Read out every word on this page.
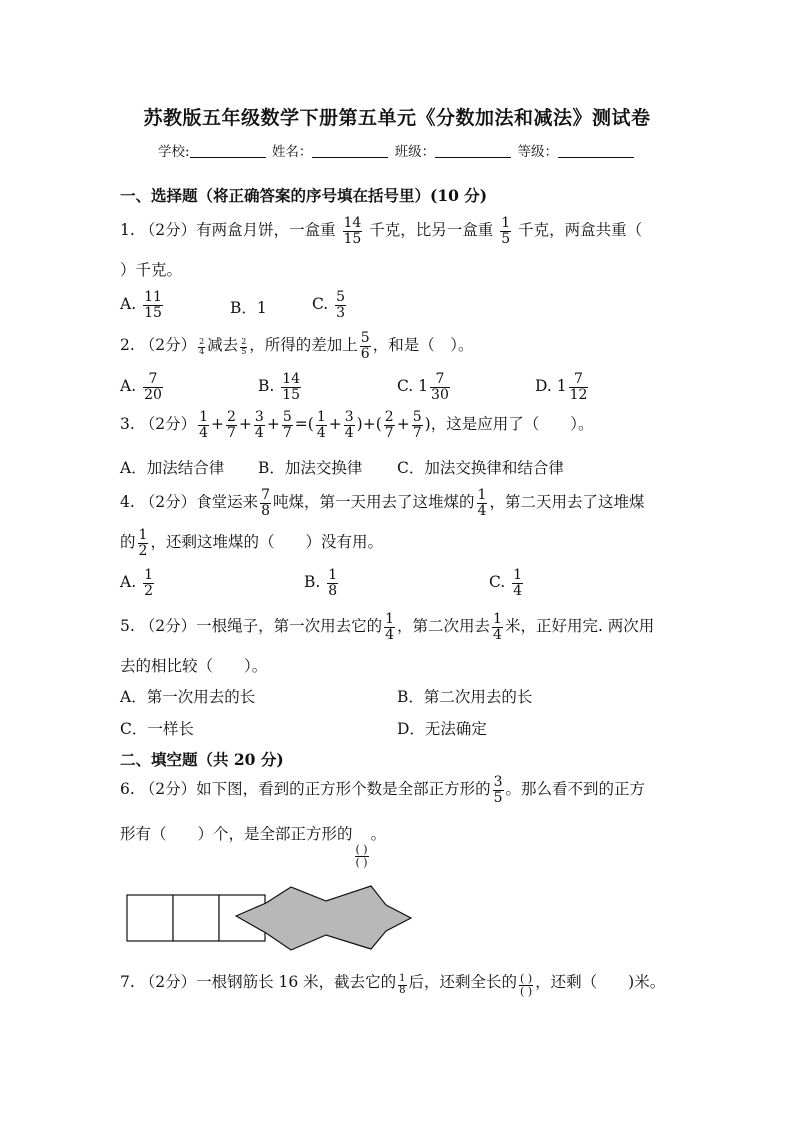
苏教版五年级数学下册第五单元《分数加法和减法》测试卷
学校:	姓名：	班级：	等级：
一、选择题（将正确答案的序号填在括号里）(10 分)
1. （2分）有两盒月饼，一盒重 $\frac{14}{15}$ 千克，比另一盒重 $\frac{1}{5}$ 千克，两盒共重（
）千克。
A. $\frac{11}{15}$	B．1	C. $\frac{5}{3}$
2. （2分） $\frac{2}{4}$ 减去 $\frac{2}{5}$ ，所得的差加上 $\frac{5}{6}$ ，和是（　）。
A. $\frac{7}{20}$	B. $\frac{14}{15}$	C. $1 \frac{7}{30}$	D. $1 \frac{7}{12}$
3. （2分） $\frac{1}{4} + \frac{2}{7} + \frac{3}{4} + \frac{5}{7}$ =( $\frac{1}{4} + \frac{3}{4}$ )+( $\frac{2}{7} + \frac{5}{7}$ )，这是应用了（　　）。
A．加法结合律 B．加法交换律 C．加法交换律和结合律
4. （2分）食堂运来 $\frac{7}{8}$ 吨煤，第一天用去了这堆煤的 $\frac{1}{4}$ ，第二天用去了这堆煤
的 $\frac{1}{2}$ ，还剩这堆煤的（　　）没有用。
A. $\frac{1}{2}$	B. $\frac{1}{8}$	C. $\frac{1}{4}$
5. （2分）一根绳子，第一次用去它的 $\frac{1}{4}$ ，第二次用去 $\frac{1}{4}$ 米，正好用完. 两次用
去的相比较（　　）。
A．第一次用去的长	B．第二次用去的长
C．一样长	D．无法确定
二、填空题（共 20 分)
6. （2分）如下图，看到的正方形个数是全部正方形的 $\frac{3}{5}$ 。那么看不到的正方
形有（　　）个，是全部正方形的
$\frac{( )}{( )}$
。
7. （2分）一根钢筋长 16 米，截去它的 $\frac{1}{8}$ 后，还剩全长的 $\frac{( )}{( )}$ ，还剩（　　)米。
